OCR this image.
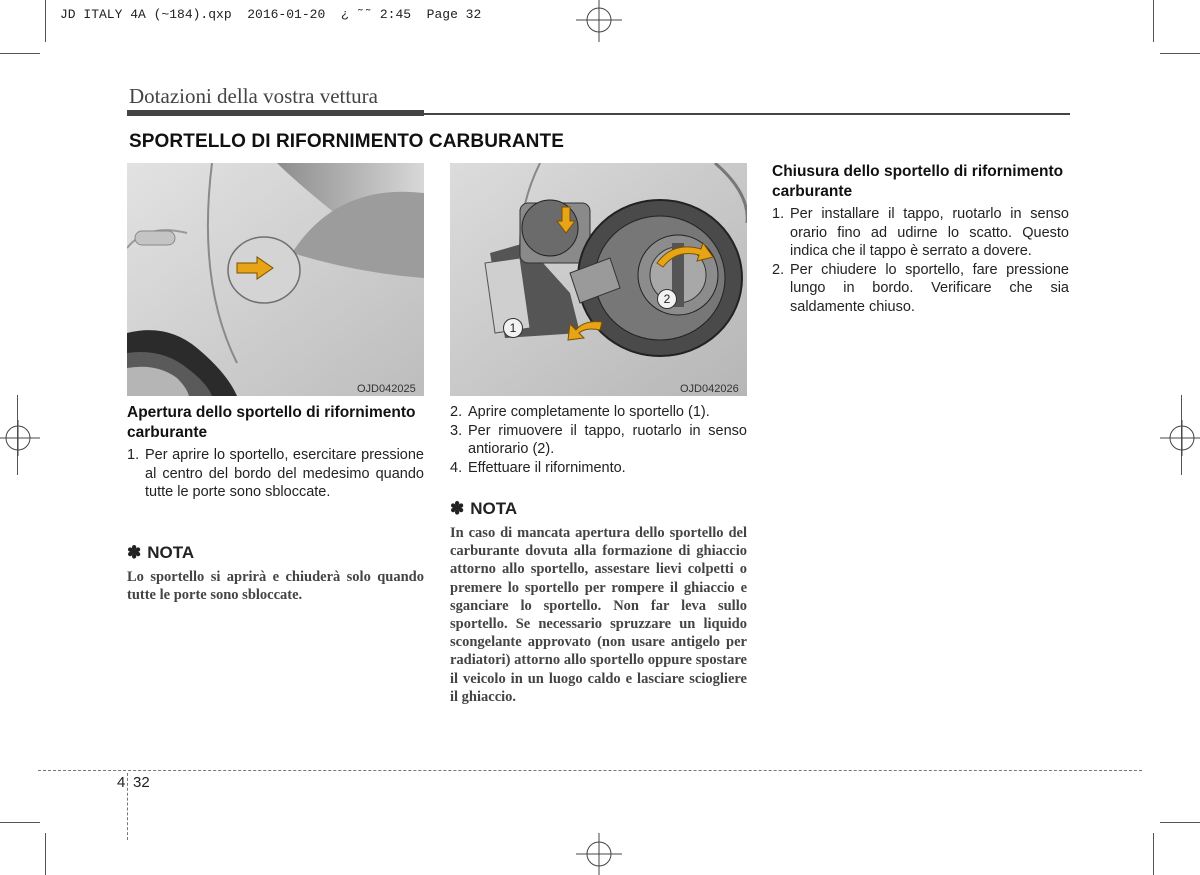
JD ITALY 4A (~184).qxp  2016-01-20  ¿ ˜˜ 2:45  Page 32
Dotazioni della vostra vettura
SPORTELLO DI RIFORNIMENTO CARBURANTE
OJD042025
1
2
OJD042026
Apertura dello sportello di rifornimento carburante
1. Per aprire lo sportello, esercitare pressione al centro del bordo del medesimo quando tutte le porte sono sbloccate.
✽ NOTA
Lo sportello si aprirà e chiuderà solo quando tutte le porte sono sbloccate.
2. Aprire completamente lo sportello (1).
3. Per rimuovere il tappo, ruotarlo in senso antiorario (2).
4. Effettuare il rifornimento.
✽ NOTA
In caso di mancata apertura dello sportello del carburante dovuta alla formazione di ghiaccio attorno allo sportello, assestare lievi colpetti o premere lo sportello per rompere il ghiaccio e sganciare lo sportello. Non far leva sullo sportello. Se necessario spruzzare un liquido scongelante approvato (non usare antigelo per radiatori) attorno allo sportello oppure spostare il veicolo in un luogo caldo e lasciare sciogliere il ghiaccio.
Chiusura dello sportello di rifornimento carburante
1. Per installare il tappo, ruotarlo in senso orario fino ad udirne lo scatto. Questo indica che il tappo è serrato a dovere.
2. Per chiudere lo sportello, fare pressione lungo in bordo. Verificare che sia saldamente chiuso.
4 32
